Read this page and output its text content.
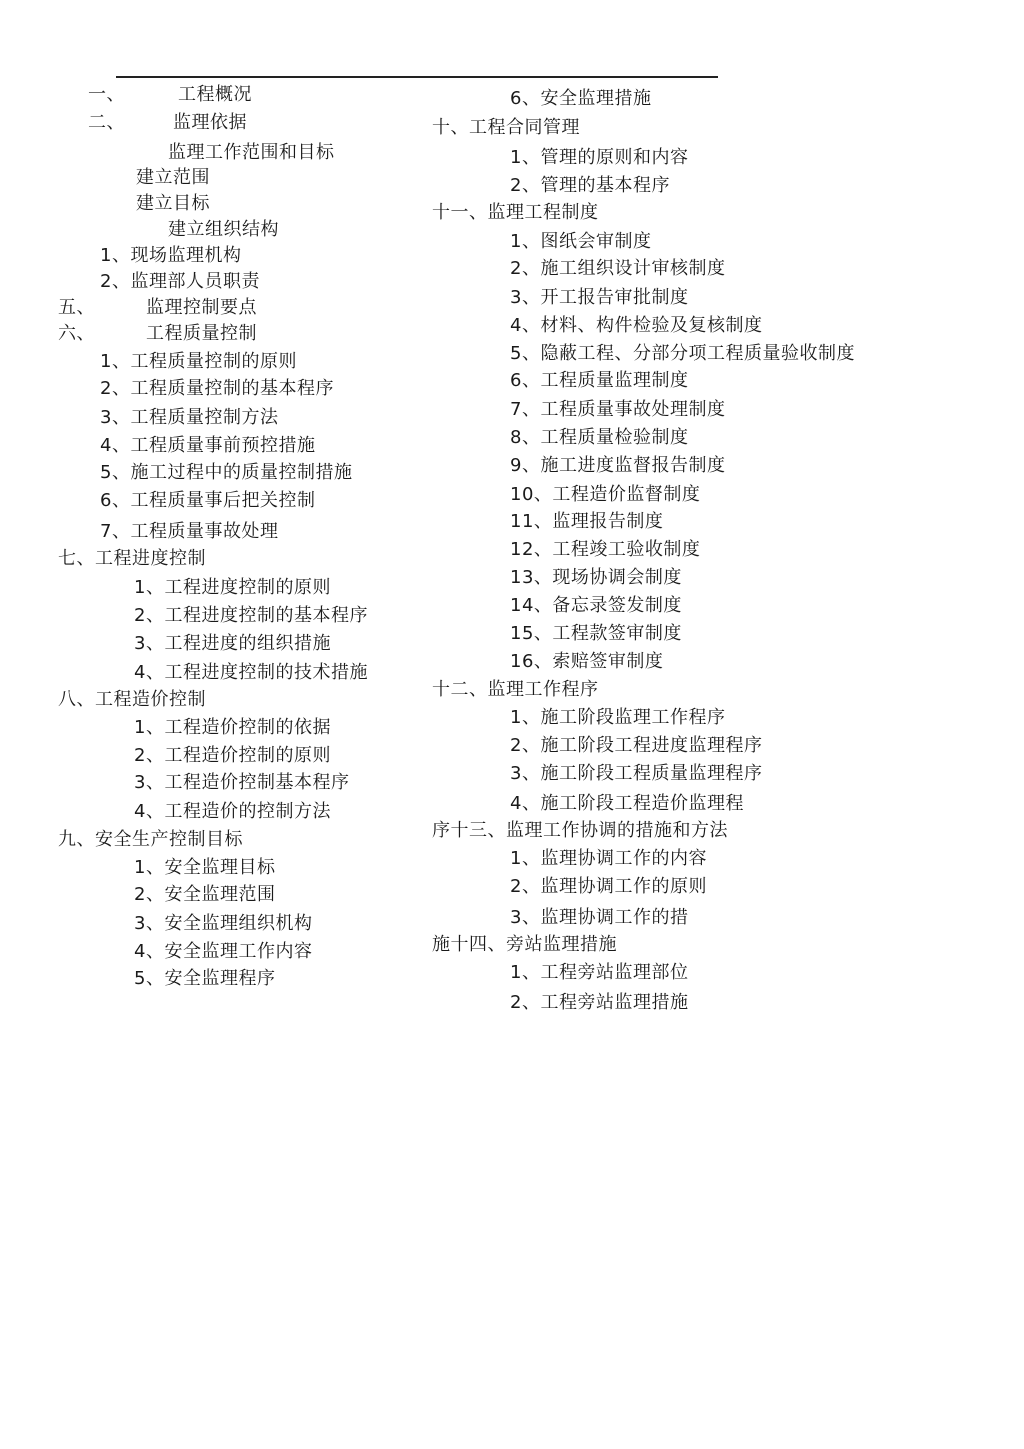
一、	工程概况
二、	监理依据
监理工作范围和目标
建立范围
建立目标
建立组织结构
1、现场监理机构
2、监理部人员职责
五、	监理控制要点
六、	工程质量控制
1、工程质量控制的原则
2、工程质量控制的基本程序
3、工程质量控制方法
4、工程质量事前预控措施
5、施工过程中的质量控制措施
6、工程质量事后把关控制
7、工程质量事故处理
七、工程进度控制
1、工程进度控制的原则
2、工程进度控制的基本程序
3、工程进度的组织措施
4、工程进度控制的技术措施
八、工程造价控制
1、工程造价控制的依据
2、工程造价控制的原则
3、工程造价控制基本程序
4、工程造价的控制方法
九、安全生产控制目标
1、安全监理目标
2、安全监理范围
3、安全监理组织机构
4、安全监理工作内容
5、安全监理程序
6、安全监理措施
十、工程合同管理
1、管理的原则和内容
2、管理的基本程序
十一、监理工程制度
1、图纸会审制度
2、施工组织设计审核制度
3、开工报告审批制度
4、材料、构件检验及复核制度
5、隐蔽工程、分部分项工程质量验收制度
6、工程质量监理制度
7、工程质量事故处理制度
8、工程质量检验制度
9、施工进度监督报告制度
10、工程造价监督制度
11、监理报告制度
12、工程竣工验收制度
13、现场协调会制度
14、备忘录签发制度
15、工程款签审制度
16、索赔签审制度
十二、监理工作程序
1、施工阶段监理工作程序
2、施工阶段工程进度监理程序
3、施工阶段工程质量监理程序
4、施工阶段工程造价监理程
序十三、监理工作协调的措施和方法
1、监理协调工作的内容
2、监理协调工作的原则
3、监理协调工作的措
施十四、旁站监理措施
1、工程旁站监理部位
2、工程旁站监理措施
